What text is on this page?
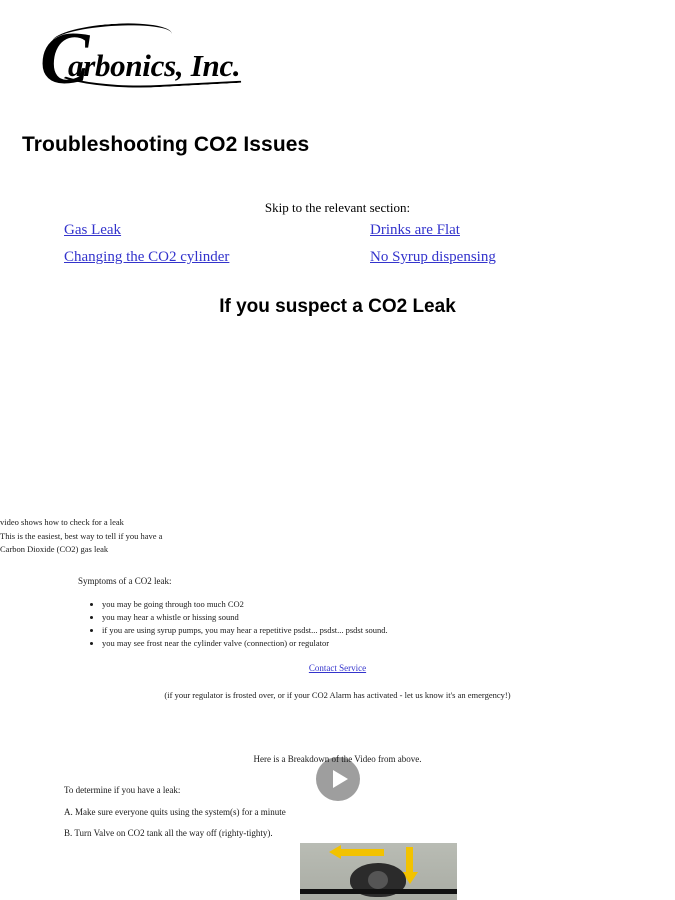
C
arbonics, Inc.
Troubleshooting CO2 Issues
Skip to the relevant section:
Gas Leak	Drinks are Flat
Changing the CO2 cylinder	No Syrup dispensing
If you suspect a CO2 Leak
video shows how to check for a leak
This is the easiest, best way to tell if you have a
Carbon Dioxide (CO2) gas leak
Symptoms of a CO2 leak:
• you may be going through too much CO2
• you may hear a whistle or hissing sound
• if you are using syrup pumps, you may hear a repetitive psdst... psdst... psdst sound.
• you may see frost near the cylinder valve (connection) or regulator
Contact Service
(if your regulator is frosted over, or if your CO2 Alarm has activated - let us know it's an emergency!)
Here is a Breakdown of the Video from above.
To determine if you have a leak:
A. Make sure everyone quits using the system(s) for a minute
B. Turn Valve on CO2 tank all the way off (righty-tighty).
